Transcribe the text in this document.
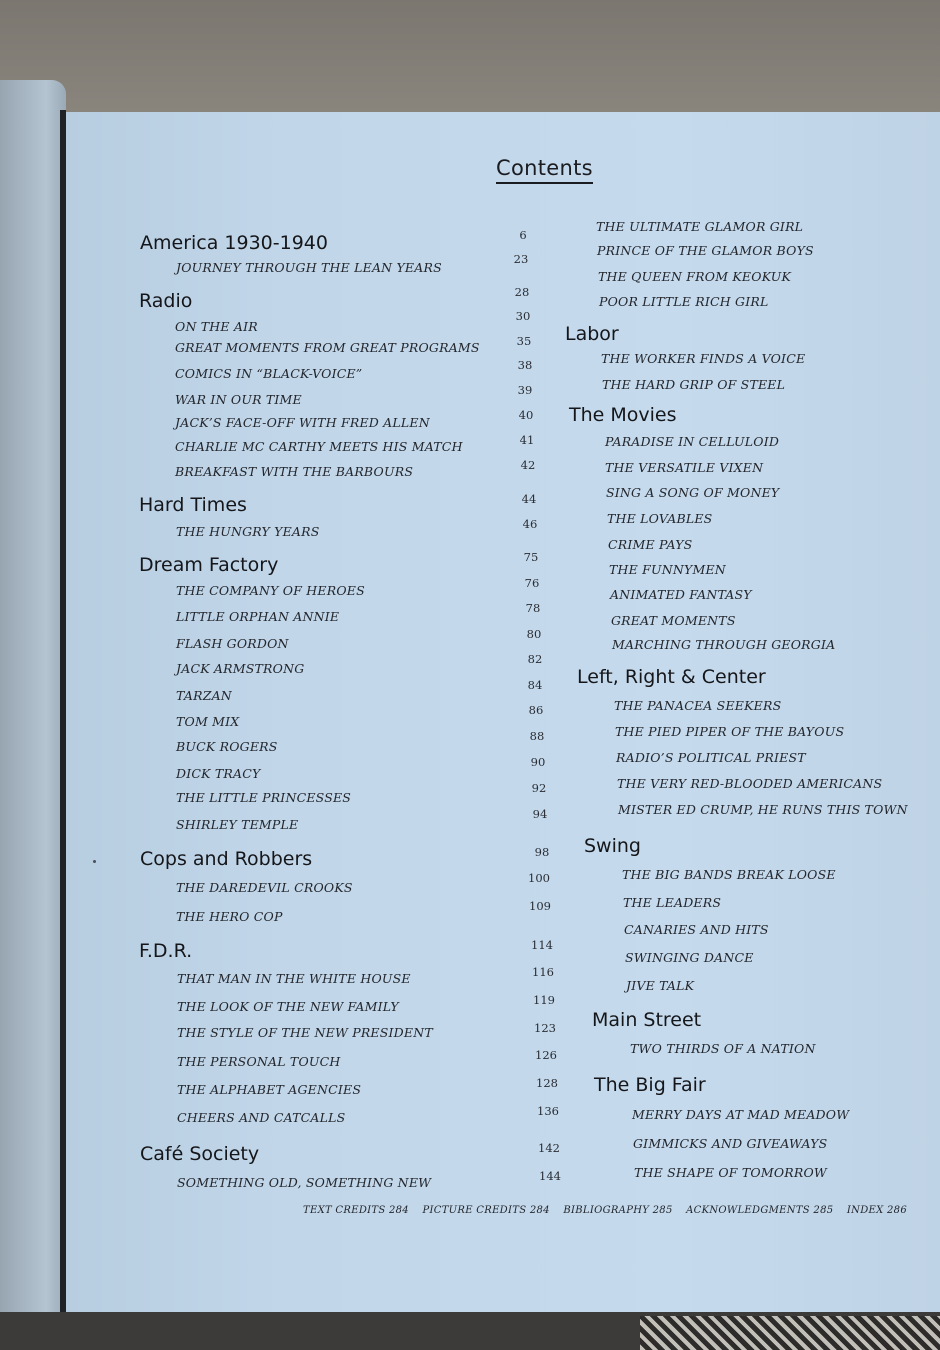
Contents
America 1930-1940
JOURNEY THROUGH THE LEAN YEARS
Radio
ON THE AIR
GREAT MOMENTS FROM GREAT PROGRAMS
COMICS IN “BLACK-VOICE”
WAR IN OUR TIME
JACK’S FACE-OFF WITH FRED ALLEN
CHARLIE MC CARTHY MEETS HIS MATCH
BREAKFAST WITH THE BARBOURS
Hard Times
THE HUNGRY YEARS
Dream Factory
THE COMPANY OF HEROES
LITTLE ORPHAN ANNIE
FLASH GORDON
JACK ARMSTRONG
TARZAN
TOM MIX
BUCK ROGERS
DICK TRACY
THE LITTLE PRINCESSES
SHIRLEY TEMPLE
Cops and Robbers
THE DAREDEVIL CROOKS
THE HERO COP
F.D.R.
THAT MAN IN THE WHITE HOUSE
THE LOOK OF THE NEW FAMILY
THE STYLE OF THE NEW PRESIDENT
THE PERSONAL TOUCH
THE ALPHABET AGENCIES
CHEERS AND CATCALLS
Café Society
SOMETHING OLD, SOMETHING NEW
THE ULTIMATE GLAMOR GIRL
PRINCE OF THE GLAMOR BOYS
THE QUEEN FROM KEOKUK
POOR LITTLE RICH GIRL
Labor
THE WORKER FINDS A VOICE
THE HARD GRIP OF STEEL
The Movies
PARADISE IN CELLULOID
THE VERSATILE VIXEN
SING A SONG OF MONEY
THE LOVABLES
CRIME PAYS
THE FUNNYMEN
ANIMATED FANTASY
GREAT MOMENTS
MARCHING THROUGH GEORGIA
Left, Right & Center
THE PANACEA SEEKERS
THE PIED PIPER OF THE BAYOUS
RADIO’S POLITICAL PRIEST
THE VERY RED-BLOODED AMERICANS
MISTER ED CRUMP, HE RUNS THIS TOWN
Swing
THE BIG BANDS BREAK LOOSE
THE LEADERS
CANARIES AND HITS
SWINGING DANCE
JIVE TALK
Main Street
TWO THIRDS OF A NATION
The Big Fair
MERRY DAYS AT MAD MEADOW
GIMMICKS AND GIVEAWAYS
THE SHAPE OF TOMORROW
6
23
28
30
35
38
39
40
41
42
44
46
75
76
78
80
82
84
86
88
90
92
94
98
100
109
114
116
119
123
126
128
136
142
144
TEXT CREDITS 284 PICTURE CREDITS 284 BIBLIOGRAPHY 285 ACKNOWLEDGMENTS 285 INDEX 286
